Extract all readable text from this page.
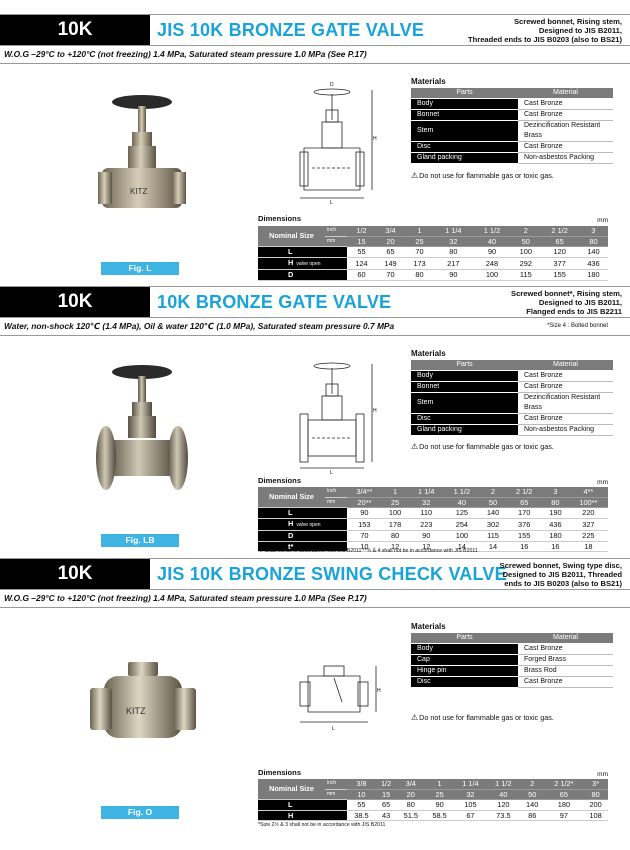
10K	JIS 10K BRONZE GATE VALVE	Screwed bonnet, Rising stem,
Designed to JIS B2011,
Threaded ends to JIS B0203 (also to BS21)
W.O.G –29°C to +120°C (not freezing) 1.4 MPa, Saturated steam pressure 1.0 MPa (See P.17)
KITZ
Fig. L
H
L
D	Materials
Parts	Material
Body	Cast Bronze
Bonnet	Cast Bronze
Stem	Dezincification Resistant Brass
Disc	Cast Bronze
Gland packing	Non-asbestos Packing
⚠Do not use for flammable gas or toxic gas.
Dimensions	mm
Nominal Size	inch	1/2	3/4	1	1 1/4	1 1/2	2	2 1/2	3
	mm	15	20	25	32	40	50	65	80
L		55	65	70	80	90	100	120	140
H valve open		124	149	173	217	248	292	377	436
D		60	70	80	90	100	115	155	180
10K	10K BRONZE GATE VALVE	Screwed bonnet*, Rising stem,
Designed to JIS B2011,
Flanged ends to JIS B2211
Water, non-shock 120℃ (1.4 MPa), Oil & water 120℃ (1.0 MPa), Saturated steam pressure 0.7 MPa	*Size 4 : Bolted bonnet
Fig. LB
H
L
Materials
Parts	Material
Body	Cast Bronze
Bonnet	Cast Bronze
Stem	Dezincification Resistant Brass
Disc	Cast Bronze
Gland packing	Non-asbestos Packing
⚠Do not use for flammable gas or toxic gas.
Dimensions	mm
Nominal Size	inch	3/4**	1	1 1/4	1 1/2	2	2 1/2	3	4**
	mm	20**	25	32	40	50	65	80	100**
L		90	100	110	125	140	170	190	220
H valve open		153	178	223	254	302	376	436	327
D		70	80	90	100	115	155	180	225
t*		10	12	12	14	14	16	16	18
"t" Shall not be in accordance with JIS B2011 **¾ & 4 shall not be in accordance with JIS B2011
10K	JIS 10K BRONZE SWING CHECK VALVE
Screwed bonnet, Swing type disc,
Designed to JIS B2011, Threaded
ends to JIS B0203 (also to BS21)
W.O.G –29°C to +120°C (not freezing) 1.4 MPa, Saturated steam pressure 1.0 MPa (See P.17)
KITZ
Fig. O
H
L
Materials
Parts	Material
Body	Cast Bronze
Cap	Forged Brass
Hinge pin	Brass Rod
Disc	Cast Bronze
⚠Do not use for flammable gas or toxic gas.
Dimensions	mm
Nominal Size	inch	3/8	1/2	3/4	1	1 1/4	1 1/2	2	2 1/2*	3*
	mm	10	15	20	25	32	40	50	65	80
L		55	65	80	90	105	120	140	180	200
H		38.5	43	51.5	58.5	67	73.5	86	97	108
*Size 2½ & 3 shall not be in accordance with JIS B2011
